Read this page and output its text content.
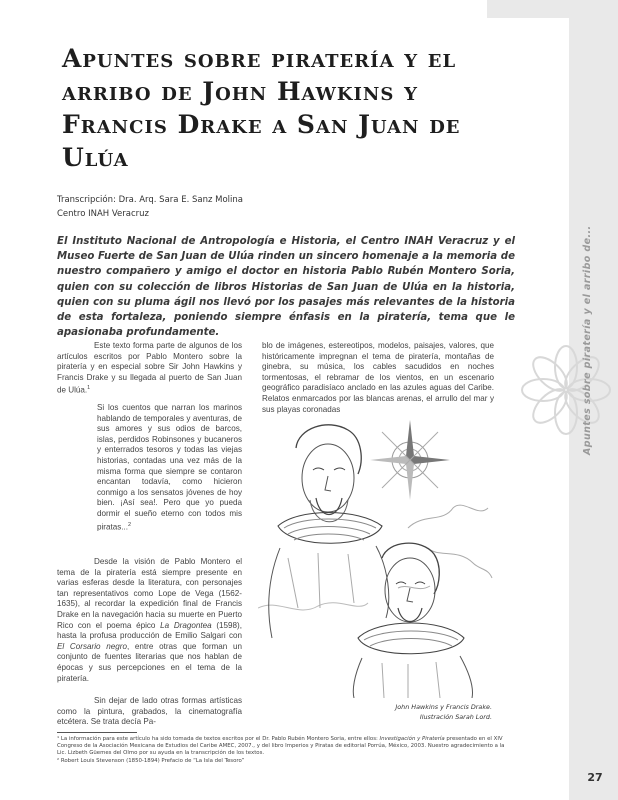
Apuntes sobre piratería y el arribo de...
Apuntes sobre piratería y el arribo de John Hawkins y Francis Drake a San Juan de Ulúa
Transcripción: Dra. Arq. Sara E. Sanz Molina
Centro INAH Veracruz

El Instituto Nacional de Antropología e Historia, el Centro INAH Veracruz y el Museo Fuerte de San Juan de Ulúa rinden un sincero homenaje a la memoria de nuestro compañero y amigo el doctor en historia Pablo Rubén Montero Soria, quien con su colección de libros Historias de San Juan de Ulúa en la historia, quien con su pluma ágil nos llevó por los pasajes más relevantes de la historia de esta fortaleza, poniendo siempre énfasis en la piratería, tema que le apasionaba profundamente.

Este texto forma parte de algunos de los artículos escritos por Pablo Montero sobre la piratería y en especial sobre Sir John Hawkins y Francis Drake y su llegada al puerto de San Juan de Ulúa.$^1$

Si los cuentos que narran los marinos hablando de temporales y aventuras, de sus amores y sus odios de barcos, islas, perdidos Robinsones y bucaneros y enterrados tesoros y todas las viejas historias, contadas una vez más de la misma forma que siempre se contaron encantan todavía, como hicieron conmigo a los sensatos jóvenes de hoy bien. ¡Así sea!. Pero que yo pueda dormir el sueño eterno con todos mis piratas...$^2$

Desde la visión de Pablo Montero el tema de la piratería está siempre presente en varias esferas desde la literatura, con personajes tan representativos como Lope de Vega (1562-1635), al recordar la expedición final de Francis Drake en la navegación hacia su muerte en Puerto Rico con el poema épico La Dragontea (1598), hasta la profusa producción de Emilio Salgari con El Corsario negro, entre otras que forman un conjunto de fuentes literarias que nos hablan de épocas y sus percepciones en el tema de la piratería.

Sin dejar de lado otras formas artísticas como la pintura, grabados, la cinematografía etcétera. Se trata decía Pa-

blo de imágenes, estereotipos, modelos, paisajes, valores, que históricamente impregnan el tema de piratería, montañas de ginebra, su música, los cables sacudidos en noches tormentosas, el rebramar de los vientos, en un escenario geográfico paradisíaco anclado en las azules aguas del Caribe. Relatos enmarcados por las blancas arenas, el arrullo del mar y sus playas coronadas

John Hawkins y Francis Drake.
Ilustración Sarah Lord.

¹ La información para este artículo ha sido tomada de textos escritos por el Dr. Pablo Rubén Montero Soria, entre ellos: Investigación y Piratería presentado en el XIV Congreso de la Asociación Mexicana de Estudios del Caribe AMEC, 2007., y del libro Imperios y Piratas de editorial Porrúa, México, 2003. Nuestro agradecimiento a la Lic. Lizbeth Güemes del Olmo por su ayuda en la transcripción de los textos.

² Robert Louis Stevenson (1850-1894) Prefacio de “La Isla del Tesoro”

27
